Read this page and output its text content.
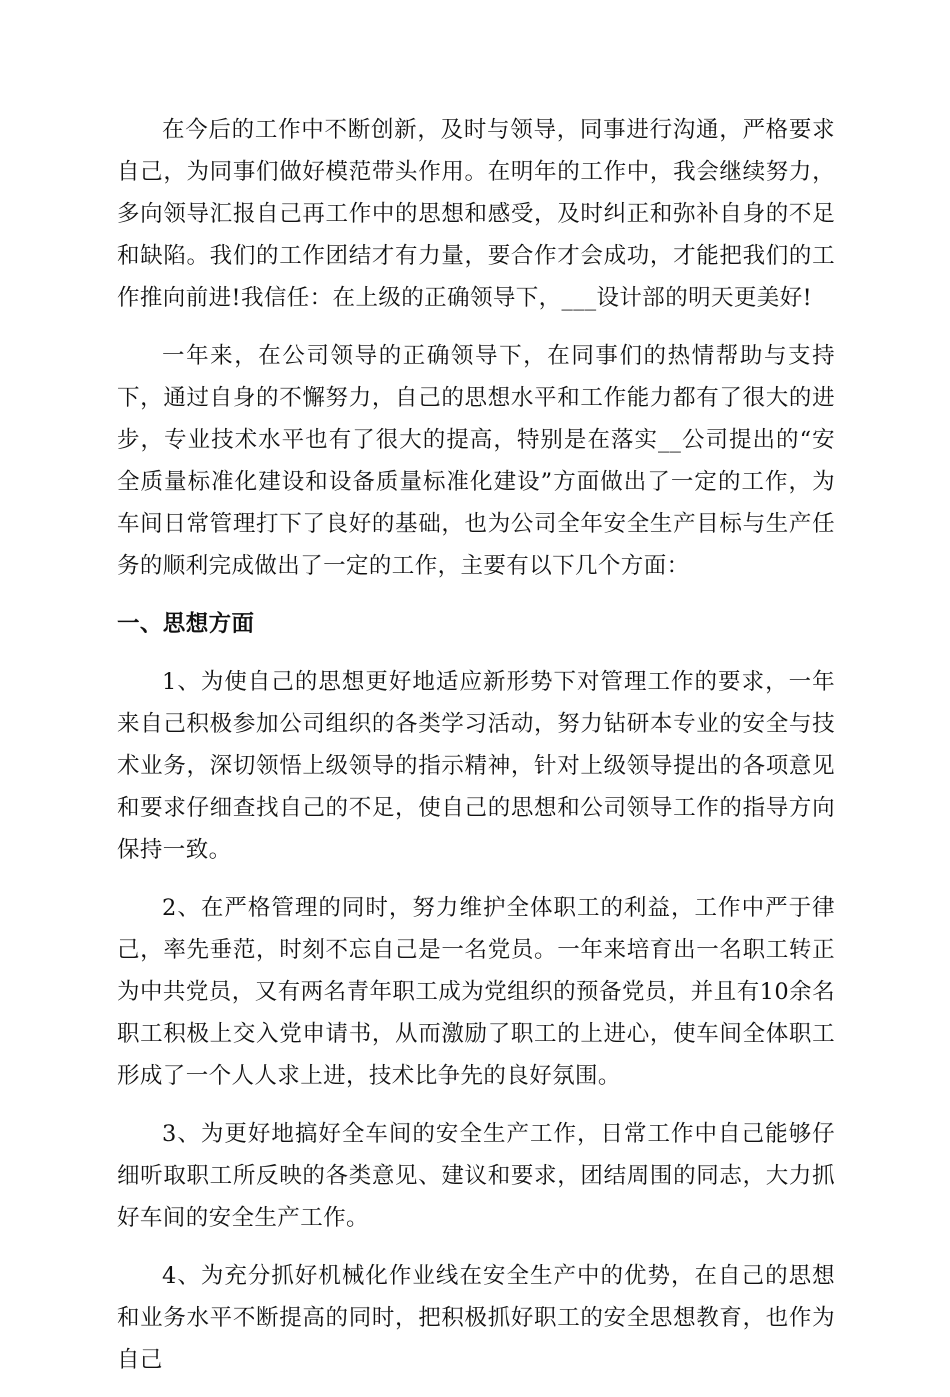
在今后的工作中不断创新，及时与领导，同事进行沟通，严格要求自己，为同事们做好模范带头作用。在明年的工作中，我会继续努力，多向领导汇报自己再工作中的思想和感受，及时纠正和弥补自身的不足和缺陷。我们的工作团结才有力量，要合作才会成功，才能把我们的工作推向前进!我信任：在上级的正确领导下，___设计部的明天更美好!

一年来，在公司领导的正确领导下，在同事们的热情帮助与支持下，通过自身的不懈努力，自己的思想水平和工作能力都有了很大的进步，专业技术水平也有了很大的提高，特别是在落实__公司提出的“安全质量标准化建设和设备质量标准化建设”方面做出了一定的工作，为车间日常管理打下了良好的基础，也为公司全年安全生产目标与生产任务的顺利完成做出了一定的工作，主要有以下几个方面：

一、思想方面

1、为使自己的思想更好地适应新形势下对管理工作的要求，一年来自己积极参加公司组织的各类学习活动，努力钻研本专业的安全与技术业务，深切领悟上级领导的指示精神，针对上级领导提出的各项意见和要求仔细查找自己的不足，使自己的思想和公司领导工作的指导方向保持一致。

2、在严格管理的同时，努力维护全体职工的利益，工作中严于律己，率先垂范，时刻不忘自己是一名党员。一年来培育出一名职工转正为中共党员，又有两名青年职工成为党组织的预备党员，并且有10余名职工积极上交入党申请书，从而激励了职工的上进心，使车间全体职工形成了一个人人求上进，技术比争先的良好氛围。

3、为更好地搞好全车间的安全生产工作，日常工作中自己能够仔细听取职工所反映的各类意见、建议和要求，团结周围的同志，大力抓好车间的安全生产工作。

4、为充分抓好机械化作业线在安全生产中的优势，在自己的思想和业务水平不断提高的同时，把积极抓好职工的安全思想教育，也作为自己
